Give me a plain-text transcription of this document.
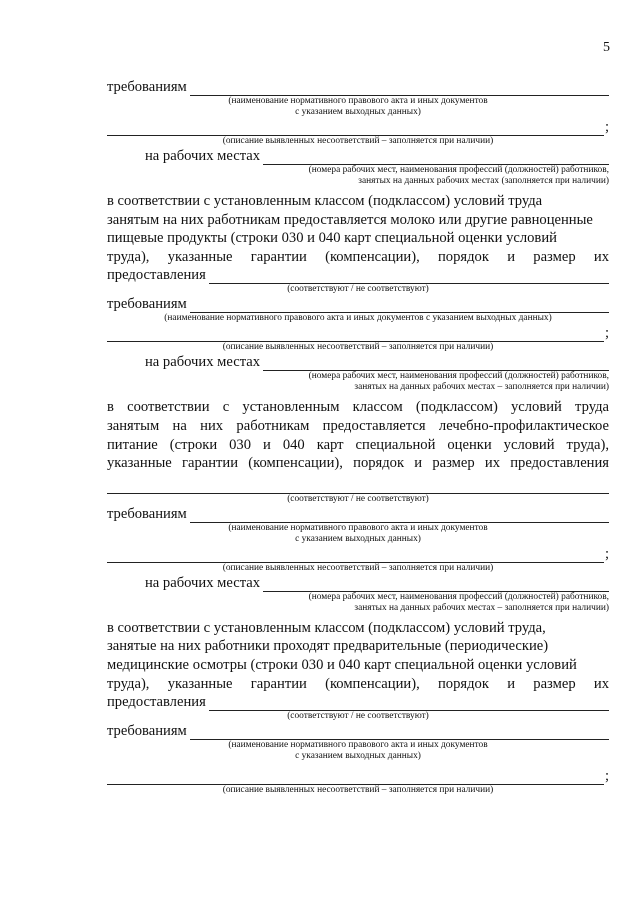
5
требованиям
(наименование нормативного правового акта и иных документов
с указанием выходных данных)
;
(описание выявленных несоответствий – заполняется при наличии)
на рабочих местах
(номера рабочих мест, наименования профессий (должностей) работников,
занятых на данных рабочих местах (заполняется при наличии)
в соответствии с установленным классом (подклассом) условий труда
занятым на них работникам предоставляется молоко или другие равноценные
пищевые продукты (строки 030 и 040 карт специальной оценки условий
труда), указанные гарантии (компенсации), порядок и размер их
предоставления
(соответствуют / не соответствуют)
требованиям
(наименование нормативного правового акта и иных документов с указанием выходных данных)
;
(описание выявленных несоответствий – заполняется при наличии)
на рабочих местах
(номера рабочих мест, наименования профессий (должностей) работников,
занятых на данных рабочих местах – заполняется при наличии)
в соответствии с установленным классом (подклассом) условий труда
занятым на них работникам предоставляется лечебно-профилактическое
питание (строки 030 и 040 карт специальной оценки условий труда),
указанные гарантии (компенсации), порядок и размер их предоставления
(соответствуют / не соответствуют)
требованиям
(наименование нормативного правового акта и иных документов
с указанием выходных данных)
;
(описание выявленных несоответствий – заполняется при наличии)
на рабочих местах
(номера рабочих мест, наименования профессий (должностей) работников,
занятых на данных рабочих местах – заполняется при наличии)
в соответствии с установленным классом (подклассом) условий труда,
занятые на них работники проходят предварительные (периодические)
медицинские осмотры (строки 030 и 040 карт специальной оценки условий
труда), указанные гарантии (компенсации), порядок и размер их
предоставления
(соответствуют / не соответствуют)
требованиям
(наименование нормативного правового акта и иных документов
с указанием выходных данных)
;
(описание выявленных несоответствий – заполняется при наличии)
